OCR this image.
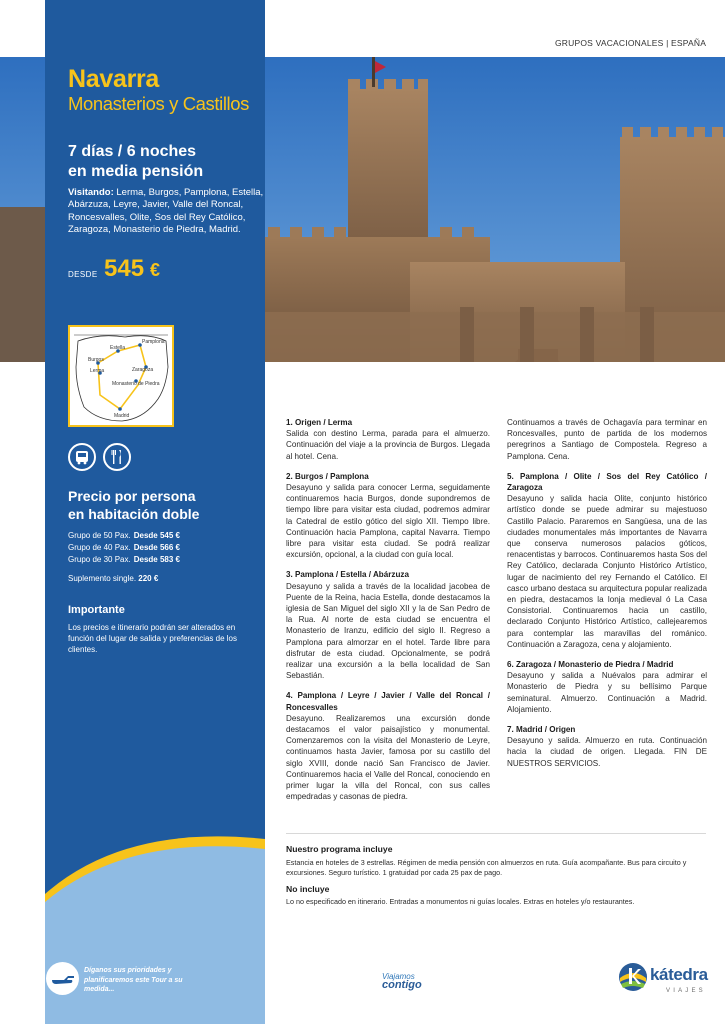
GRUPOS VACACIONALES | ESPAÑA
Navarra
Monasterios y Castillos
7 días / 6 noches
en media pensión
Visitando: Lerma, Burgos, Pamplona, Estella, Abárzuza, Leyre, Javier, Valle del Roncal, Roncesvalles, Olite, Sos del Rey Católico, Zaragoza, Monasterio de Piedra, Madrid.
DESDE 545 €
Pamplona
Estella
Burgos
Lerma
Monasterio de Piedra
Zaragoza
Madrid
Precio por persona
en habitación doble
Grupo de 50 Pax. Desde 545 €
Grupo de 40 Pax. Desde 566 €
Grupo de 30 Pax. Desde 583 €
Suplemento single. 220 €
Importante
Los precios e itinerario podrán ser alterados en función del lugar de salida y preferencias de los clientes.
Díganos sus prioridades y planificaremos este Tour a su medida...
1. Origen / Lerma
Salida con destino Lerma, parada para el almuerzo. Continuación del viaje a la provincia de Burgos. Llegada al hotel. Cena.
2. Burgos / Pamplona
Desayuno y salida para conocer Lerma, seguidamente continuaremos hacia Burgos, donde supondremos de tiempo libre para visitar esta ciudad, podremos admirar la Catedral de estilo gótico del siglo XII. Tiempo libre. Continuación hacia Pamplona, capital Navarra. Tiempo libre para visitar esta ciudad. Se podrá realizar excursión, opcional, a la ciudad con guía local.
3. Pamplona / Estella / Abárzuza
Desayuno y salida a través de la localidad jacobea de Puente de la Reina, hacia Estella, donde destacamos la iglesia de San Miguel del siglo XII y la de San Pedro de la Rua. Al norte de esta ciudad se encuentra el Monasterio de Iranzu, edificio del siglo II. Regreso a Pamplona para almorzar en el hotel. Tarde libre para disfrutar de esta ciudad. Opcionalmente, se podrá realizar una excursión a la bella localidad de San Sebastián.
4. Pamplona / Leyre / Javier / Valle del Roncal / Roncesvalles
Desayuno. Realizaremos una excursión donde destacamos el valor paisajístico y monumental. Comenzaremos con la visita del Monasterio de Leyre, continuamos hasta Javier, famosa por su castillo del siglo XVIII, donde nació San Francisco de Javier. Continuaremos hacia el Valle del Roncal, conociendo en primer lugar la villa del Roncal, con sus calles empedradas y casonas de piedra.
Continuamos a través de Ochagavía para terminar en Roncesvalles, punto de partida de los modernos peregrinos a Santiago de Compostela. Regreso a Pamplona. Cena.
5. Pamplona / Olite / Sos del Rey Católico / Zaragoza
Desayuno y salida hacia Olite, conjunto histórico artístico donde se puede admirar su majestuoso Castillo Palacio. Pararemos en Sangüesa, una de las ciudades monumentales más importantes de Navarra que conserva numerosos palacios góticos, renacentistas y barrocos. Continuaremos hasta Sos del Rey Católico, declarada Conjunto Histórico Artístico, lugar de nacimiento del rey Fernando el Católico. El casco urbano destaca su arquitectura popular realizada en piedra, destacamos la lonja medieval ó La Casa Consistorial. Continuaremos hacia un castillo, declarado Conjunto Histórico Artístico, callejearemos para contemplar las maravillas del románico. Continuación a Zaragoza, cena y alojamiento.
6. Zaragoza / Monasterio de Piedra / Madrid
Desayuno y salida a Nuévalos para admirar el Monasterio de Piedra y su bellísimo Parque seminatural. Almuerzo. Continuación a Madrid. Alojamiento.
7. Madrid / Origen
Desayuno y salida. Almuerzo en ruta. Continuación hacia la ciudad de origen. Llegada. FIN DE NUESTROS SERVICIOS.
Nuestro programa incluye
Estancia en hoteles de 3 estrellas. Régimen de media pensión con almuerzos en ruta. Guía acompañante. Bus para circuito y excursiones. Seguro turístico. 1 gratuidad por cada 25 pax de pago.
No incluye
Lo no especificado en itinerario. Entradas a monumentos ni guías locales. Extras en hoteles y/o restaurantes.
Viajamos
contigo
kátedra
VIAJES
